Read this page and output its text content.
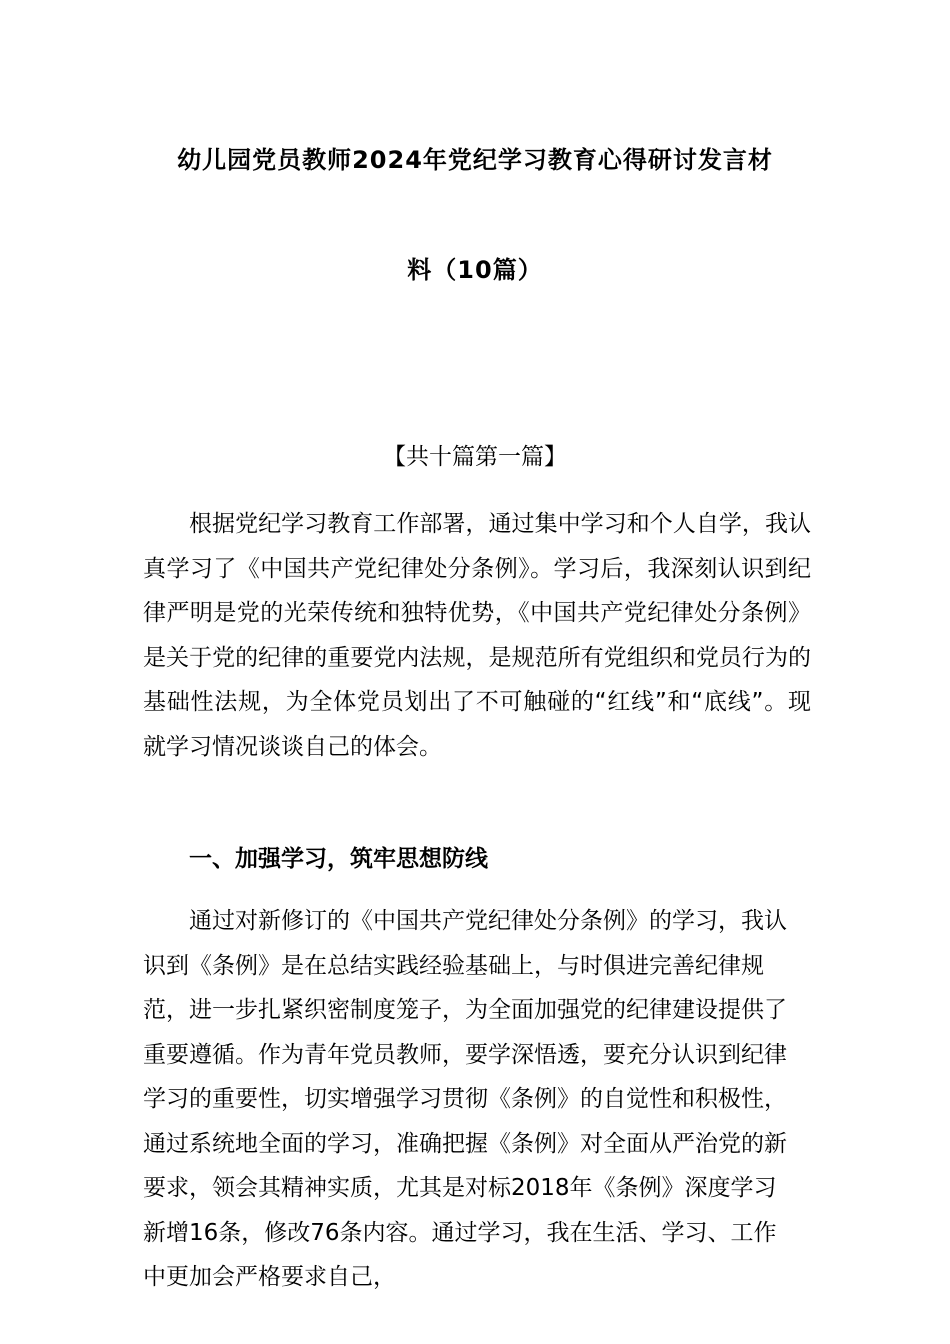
幼儿园党员教师2024年党纪学习教育心得研讨发言材
料（10篇）
【共十篇第一篇】

根据党纪学习教育工作部署，通过集中学习和个人自学，我认真学习了《中国共产党纪律处分条例》。学习后，我深刻认识到纪律严明是党的光荣传统和独特优势，《中国共产党纪律处分条例》是关于党的纪律的重要党内法规，是规范所有党组织和党员行为的基础性法规，为全体党员划出了不可触碰的“红线”和“底线”。现就学习情况谈谈自己的体会。

一、加强学习，筑牢思想防线

通过对新修订的《中国共产党纪律处分条例》的学习，我认识到《条例》是在总结实践经验基础上，与时俱进完善纪律规范，进一步扎紧织密制度笼子，为全面加强党的纪律建设提供了重要遵循。作为青年党员教师，要学深悟透，要充分认识到纪律学习的重要性，切实增强学习贯彻《条例》的自觉性和积极性，通过系统地全面的学习，准确把握《条例》对全面从严治党的新要求，领会其精神实质，尤其是对标2018年《条例》深度学习新增16条，修改76条内容。通过学习，我在生活、学习、工作中更加会严格要求自己，
